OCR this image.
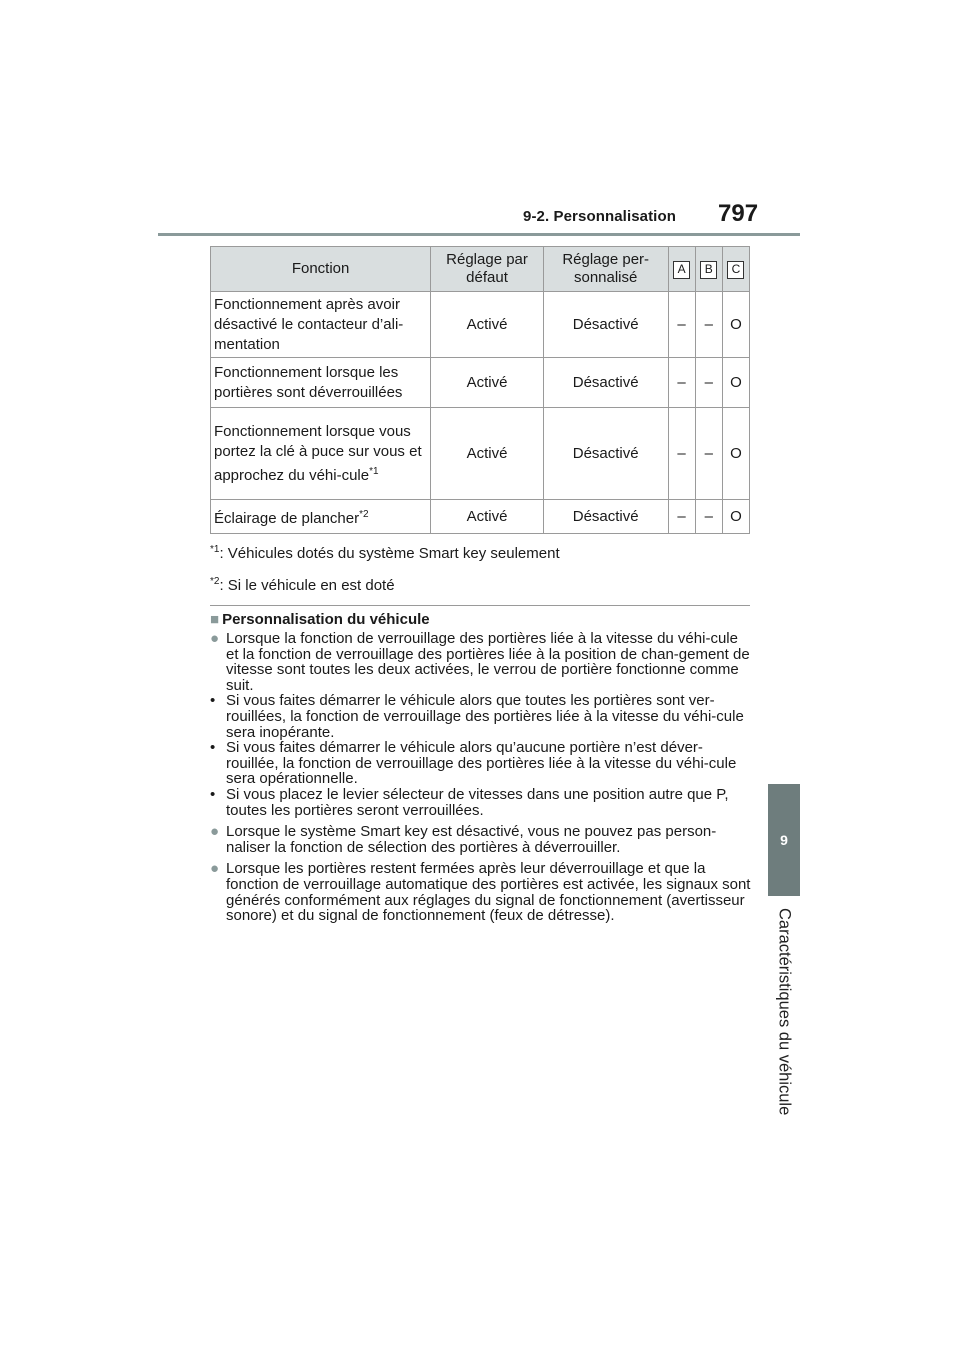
9-2. Personnalisation 797
9
Caractéristiques du véhicule
Fonction	Réglage par défaut	Réglage per-sonnalisé	A	B	C
Fonctionnement après avoir désactivé le contacteur d’ali-mentation	Activé	Désactivé	–	–	O
Fonctionnement lorsque les portières sont déverrouillées	Activé	Désactivé	–	–	O
Fonctionnement lorsque vous portez la clé à puce sur vous et approchez du véhi-cule$^{*1}$	Activé	Désactivé	–	–	O
Éclairage de plancher$^{*2}$	Activé	Désactivé	–	–	O
$^{*1}$: Véhicules dotés du système Smart key seulement
$^{*2}$: Si le véhicule en est doté
■ Personnalisation du véhicule
● Lorsque la fonction de verrouillage des portières liée à la vitesse du véhi-cule et la fonction de verrouillage des portières liée à la position de chan-gement de vitesse sont toutes les deux activées, le verrou de portière fonctionne comme suit.
• Si vous faites démarrer le véhicule alors que toutes les portières sont ver-rouillées, la fonction de verrouillage des portières liée à la vitesse du véhi-cule sera inopérante.
• Si vous faites démarrer le véhicule alors qu’aucune portière n’est déver-rouillée, la fonction de verrouillage des portières liée à la vitesse du véhi-cule sera opérationnelle.
• Si vous placez le levier sélecteur de vitesses dans une position autre que P, toutes les portières seront verrouillées.
● Lorsque le système Smart key est désactivé, vous ne pouvez pas person-naliser la fonction de sélection des portières à déverrouiller.
● Lorsque les portières restent fermées après leur déverrouillage et que la fonction de verrouillage automatique des portières est activée, les signaux sont générés conformément aux réglages du signal de fonctionnement (avertisseur sonore) et du signal de fonctionnement (feux de détresse).
